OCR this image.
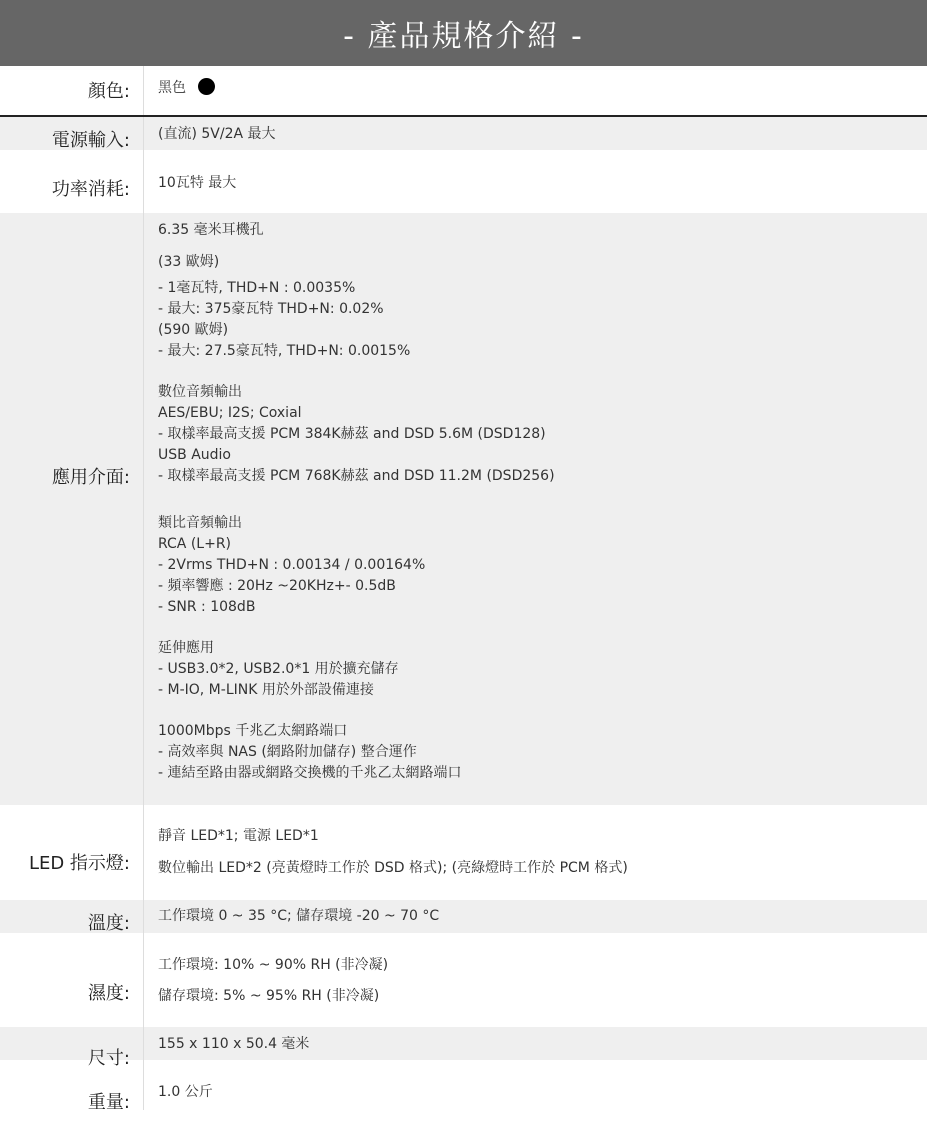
- 產品規格介紹 -
顏色: 黑色
電源輸入: (直流) 5V/2A 最大
功率消耗: 10瓦特 最大
應用介面:
6.35 毫米耳機孔
(33 歐姆)
- 1毫瓦特, THD+N : 0.0035%
- 最大: 375豪瓦特 THD+N: 0.02%
(590 歐姆)
- 最大: 27.5豪瓦特, THD+N: 0.0015%
數位音頻輸出
AES/EBU; I2S; Coxial
- 取樣率最高支援 PCM 384K赫茲 and DSD 5.6M (DSD128)
USB Audio
- 取樣率最高支援 PCM 768K赫茲 and DSD 11.2M (DSD256)
類比音頻輸出
RCA (L+R)
- 2Vrms THD+N : 0.00134 / 0.00164%
- 頻率響應 : 20Hz ~20KHz+- 0.5dB
- SNR : 108dB
延伸應用
- USB3.0*2, USB2.0*1 用於擴充儲存
- M-IO, M-LINK 用於外部設備連接
1000Mbps 千兆乙太網路端口
- 高效率與 NAS (網路附加儲存) 整合運作
- 連結至路由器或網路交換機的千兆乙太網路端口
LED 指示燈:
靜音 LED*1; 電源 LED*1
數位輸出 LED*2 (亮黃燈時工作於 DSD 格式); (亮綠燈時工作於 PCM 格式)
溫度: 工作環境 0 ~ 35 °C; 儲存環境 -20 ~ 70 °C
濕度:
工作環境: 10% ~ 90% RH (非冷凝)
儲存環境: 5% ~ 95% RH (非冷凝)
尺寸:
155 x 110 x 50.4 毫米
重量: 1.0 公斤
